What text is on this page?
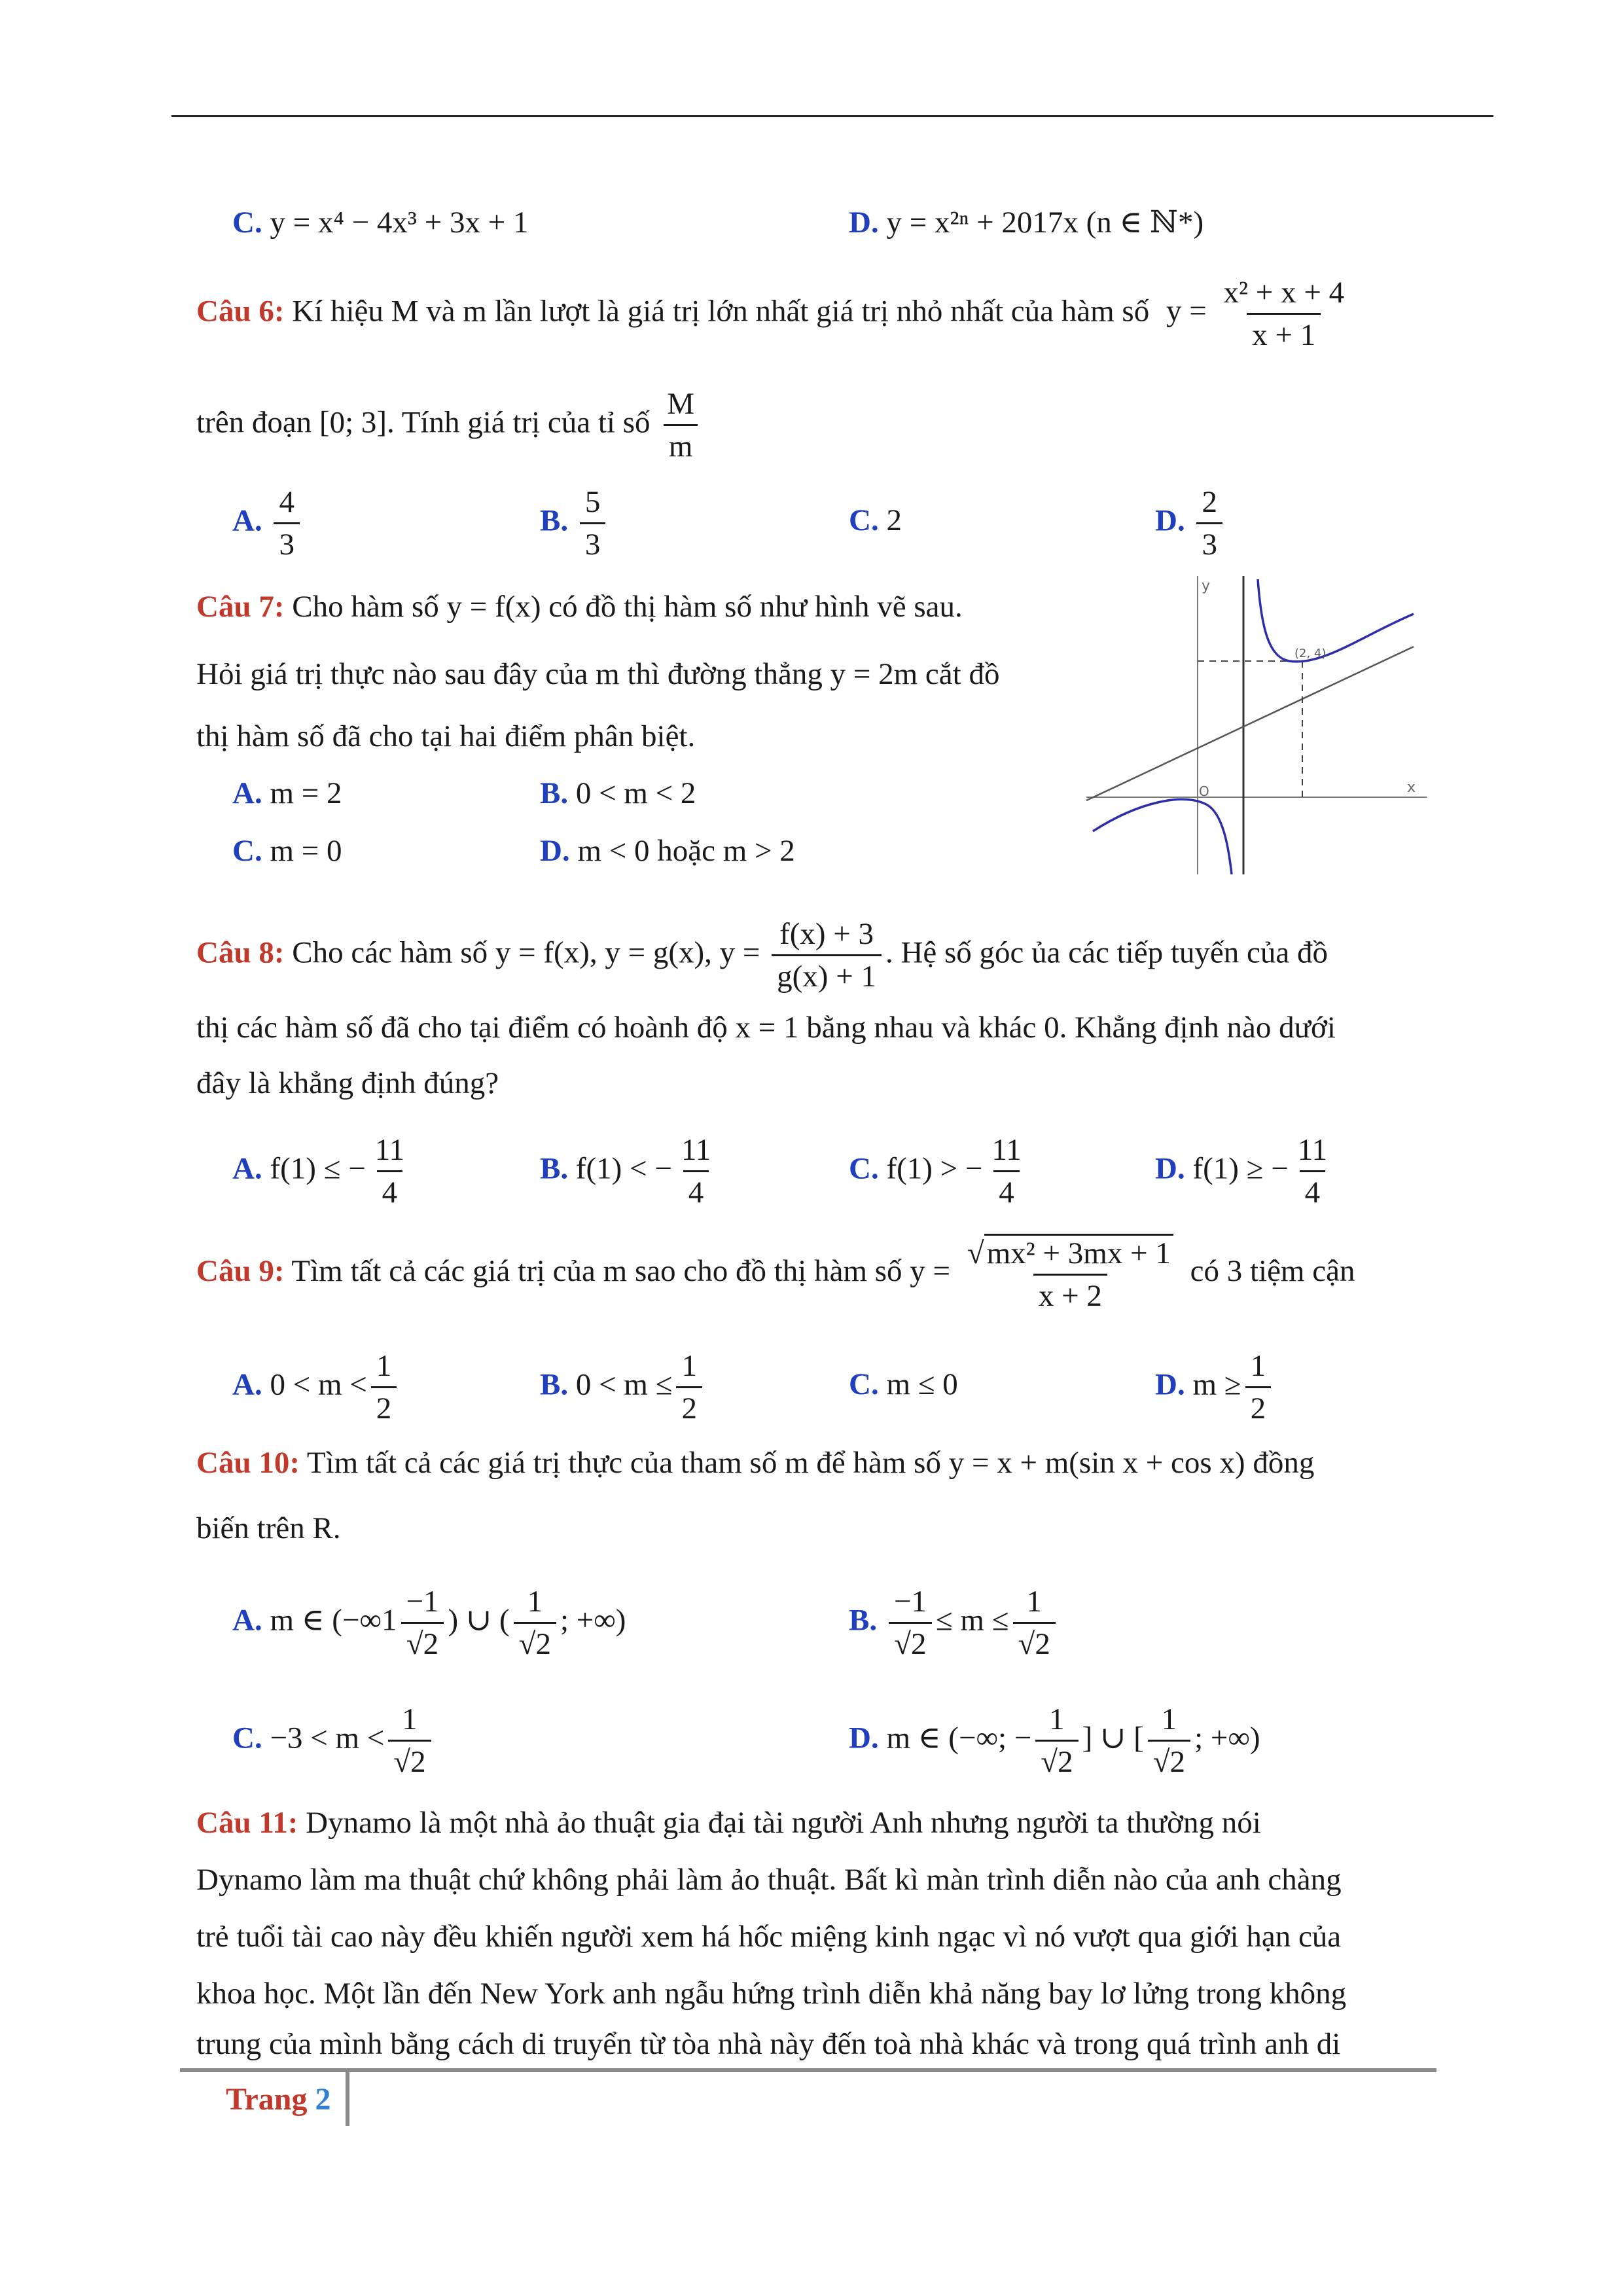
C. y = x⁴ − 4x³ + 3x + 1	D. y = x²ⁿ + 2017x (n ∈ ℕ*)
Câu 6: Kí hiệu M và m lần lượt là giá trị lớn nhất giá trị nhỏ nhất của hàm số $y = \frac{\text{x² + x + 4}}{x + 1}$
trên đoạn [0; 3]. Tính giá trị của tỉ số $\frac{M}{m}$
A. $\frac{4}{3}$	B. $\frac{5}{3}$	C. 2	D. $\frac{2}{3}$
Câu 7: Cho hàm số y = f(x) có đồ thị hàm số như hình vẽ sau.
Hỏi giá trị thực nào sau đây của m thì đường thẳng y = 2m cắt đồ
thị hàm số đã cho tại hai điểm phân biệt.
A. m = 2	B. 0 < m < 2
C. m = 0	D. m < 0 hoặc m > 2
y
x
O
(2, 4)
Câu 8: Cho các hàm số y = f(x), y = g(x), $y = \frac{f(x) + 3}{g(x) + 1}$ . Hệ số góc ủa các tiếp tuyến của đồ
thị các hàm số đã cho tại điểm có hoành độ x = 1 bằng nhau và khác 0. Khẳng định nào dưới
đây là khẳng định đúng?
A. f(1) ≤ − $\frac{11}{4}$	B. f(1) < − $\frac{11}{4}$	C. f(1) > − $\frac{11}{4}$	D. f(1) ≥ − $\frac{11}{4}$
Câu 9: Tìm tất cả các giá trị của m sao cho đồ thị hàm số $y = \frac{\text{√mx² + 3mx + 1}}{x + 2}$ có 3 tiệm cận
A. $0 < m < \frac{1}{2}$	B. $0 < m \le \frac{1}{2}$	C. m ≤ 0	D. $m \ge \frac{1}{2}$
Câu 10: Tìm tất cả các giá trị thực của tham số m để hàm số y = x + m(sin x + cos x) đồng
biến trên R.
A. m ∈ ($-\infty 1 \frac{-1}{√2}$ ) ∪ ( $\frac{1}{√2}$ ; +∞)	B. $\frac{-1}{√2} \le m \le \frac{1}{√2}$
C. $-3 < m < \frac{1}{√2}$	D. m ∈ (−∞; − $\frac{1}{√2}$ ] ∪ [ $\frac{1}{√2}$ ; +∞)
Câu 11: Dynamo là một nhà ảo thuật gia đại tài người Anh nhưng người ta thường nói
Dynamo làm ma thuật chứ không phải làm ảo thuật. Bất kì màn trình diễn nào của anh chàng
trẻ tuổi tài cao này đều khiến người xem há hốc miệng kinh ngạc vì nó vượt qua giới hạn của
khoa học. Một lần đến New York anh ngẫu hứng trình diễn khả năng bay lơ lửng trong không
trung của mình bằng cách di truyển từ tòa nhà này đến toà nhà khác và trong quá trình anh di
Trang 2
